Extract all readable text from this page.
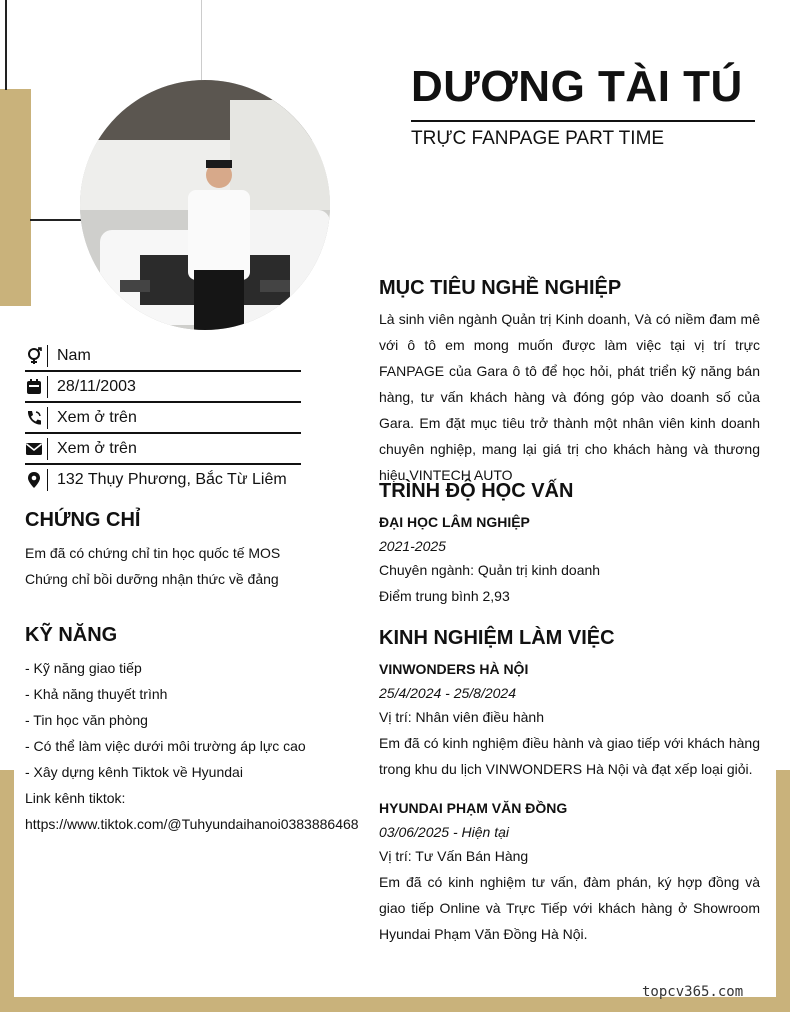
DƯƠNG TÀI TÚ
TRỰC FANPAGE PART TIME
Nam
28/11/2003
Xem ở trên
Xem ở trên
132 Thụy Phương, Bắc Từ Liêm
CHỨNG CHỈ
Em đã có chứng chỉ tin học quốc tế MOS
Chứng chỉ bồi dưỡng nhận thức về đảng
KỸ NĂNG
- Kỹ năng giao tiếp
- Khả năng thuyết trình
- Tin học văn phòng
- Có thể làm việc dưới môi trường áp lực cao
- Xây dựng kênh Tiktok về Hyundai
Link kênh tiktok:
https://www.tiktok.com/@Tuhyundaihanoi0383886468
MỤC TIÊU NGHỀ NGHIỆP
Là sinh viên ngành Quản trị Kinh doanh, Và có niềm đam mê với ô tô em mong muốn được làm việc tại vị trí trực FANPAGE của Gara ô tô để học hỏi, phát triển kỹ năng bán hàng, tư vấn khách hàng và đóng góp vào doanh số của Gara. Em đặt mục tiêu trở thành một nhân viên kinh doanh chuyên nghiệp, mang lại giá trị cho khách hàng và thương hiệu VINTECH AUTO
TRÌNH ĐỘ HỌC VẤN
ĐẠI HỌC LÂM NGHIỆP
2021-2025
Chuyên ngành: Quản trị kinh doanh
Điểm trung bình 2,93
KINH NGHIỆM LÀM VIỆC
VINWONDERS HÀ NỘI
25/4/2024 - 25/8/2024
Vị trí: Nhân viên điều hành
Em đã có kinh nghiệm điều hành và giao tiếp với khách hàng trong khu du lịch VINWONDERS Hà Nội và đạt xếp loại giỏi.
HYUNDAI PHẠM VĂN ĐỒNG
03/06/2025 - Hiện tại
Vị trí: Tư Vấn Bán Hàng
Em đã có kinh nghiệm tư vấn, đàm phán, ký hợp đồng và giao tiếp Online và Trực Tiếp với khách hàng ở Showroom Hyundai Phạm Văn Đồng Hà Nội.
topcv365.com
